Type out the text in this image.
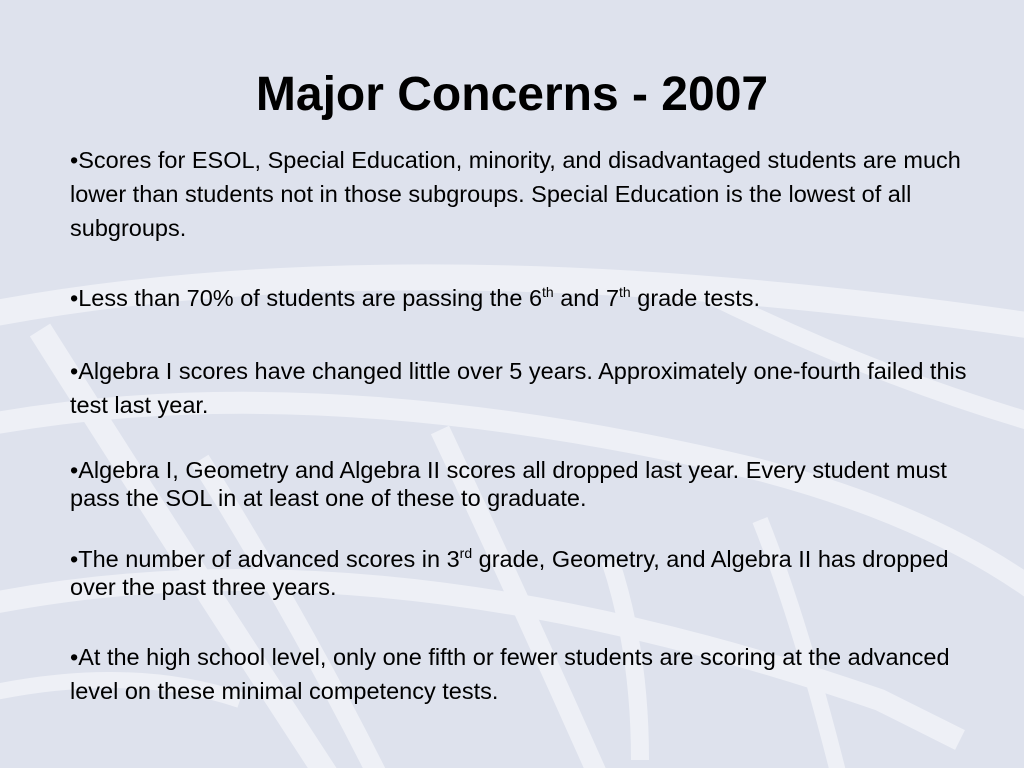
Major Concerns - 2007

•Scores for ESOL, Special Education, minority, and disadvantaged students are much lower than students not in those subgroups. Special Education is the lowest of all subgroups.

•Less than 70% of students are passing the 6th and 7th grade tests.

•Algebra I scores have changed little over 5 years. Approximately one-fourth failed this test last year.

•Algebra I, Geometry and Algebra II scores all dropped last year. Every student must pass the SOL in at least one of these to graduate.

•The number of advanced scores in 3rd grade, Geometry, and Algebra II has dropped over the past three years.

•At the high school level, only one fifth or fewer students are scoring at the advanced level on these minimal competency tests.
